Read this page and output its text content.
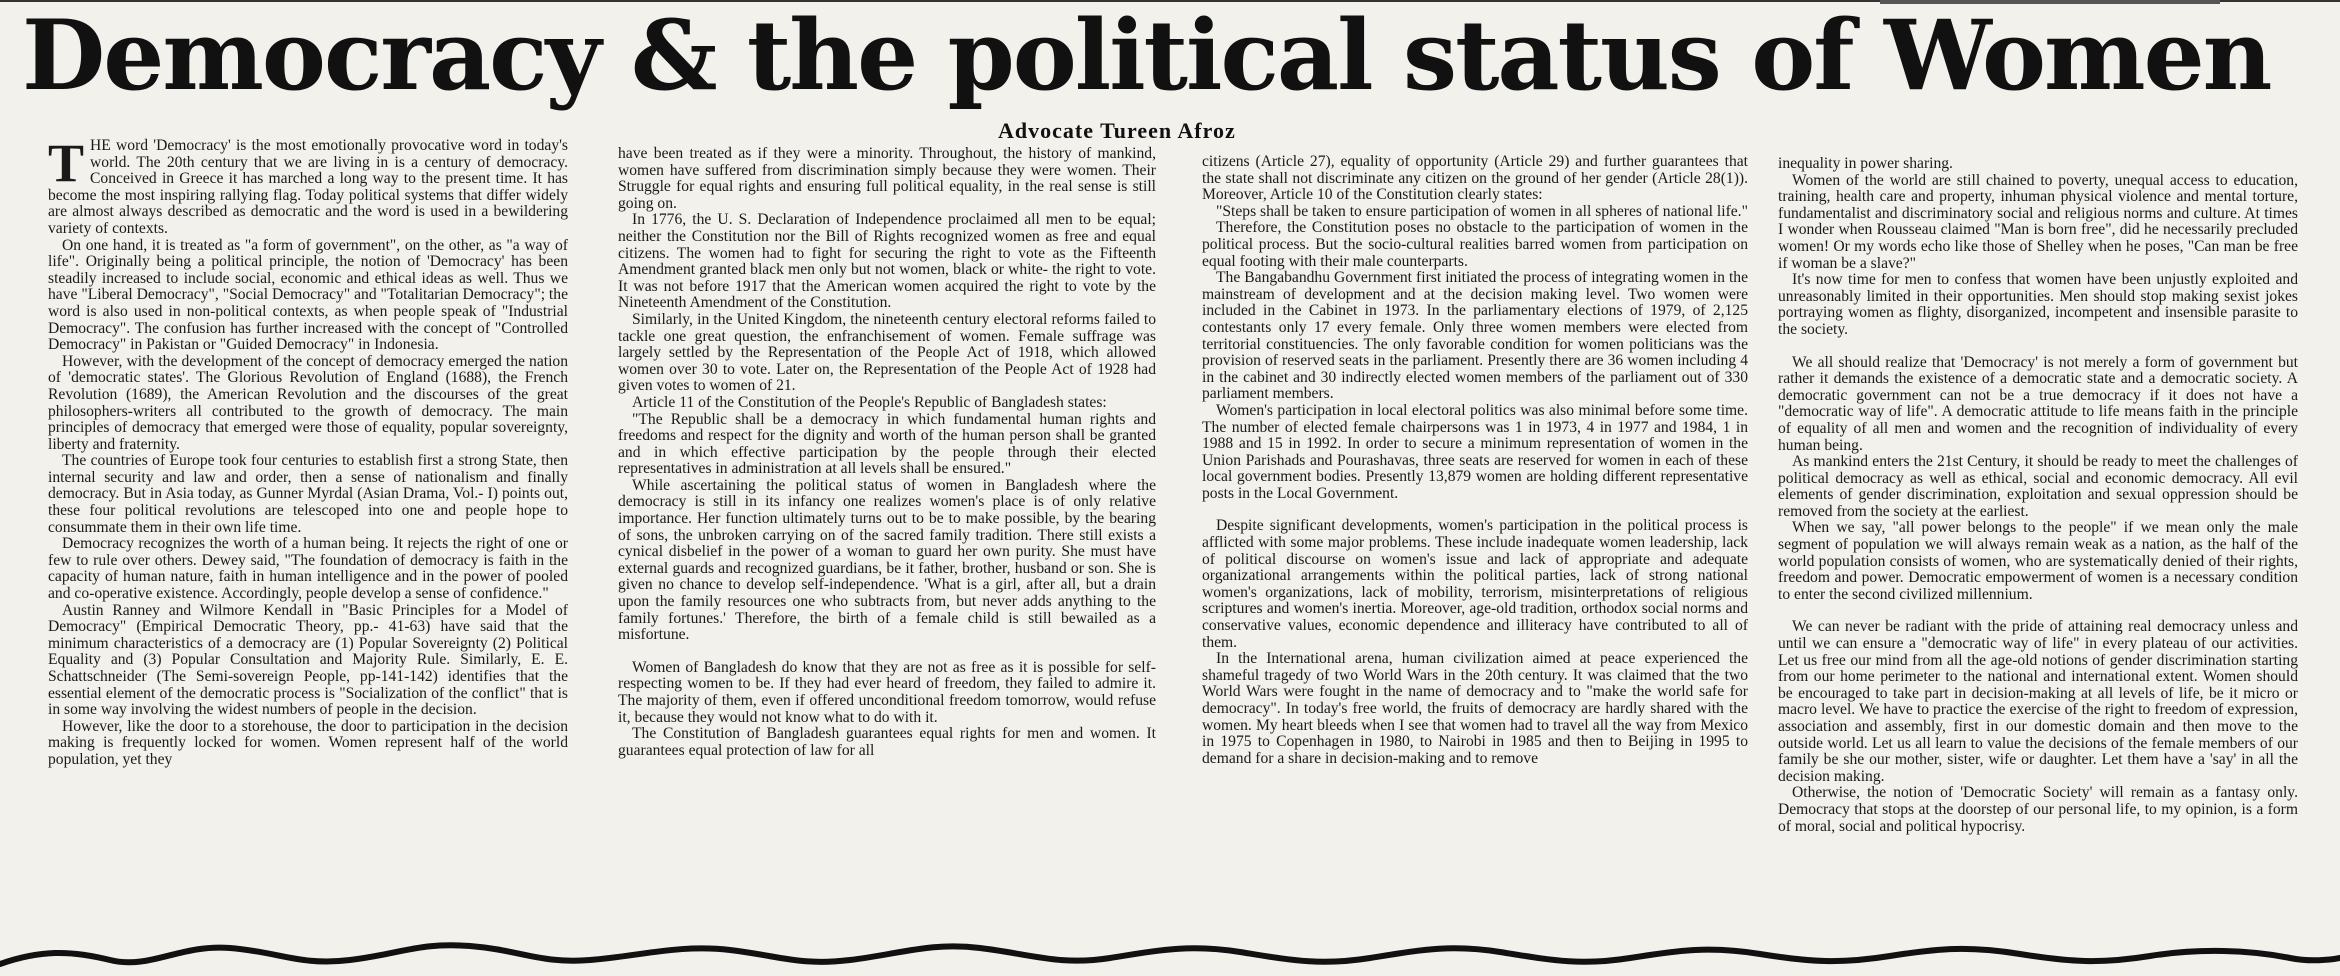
Democracy & the political status of Women
Advocate Tureen Afroz

THE word 'Democracy' is the most emotionally provocative word in today's world. The 20th century that we are living in is a century of democracy. Conceived in Greece it has marched a long way to the present time. It has become the most inspiring rallying flag. Today political systems that differ widely are almost always described as democratic and the word is used in a bewildering variety of contexts.

On one hand, it is treated as "a form of government", on the other, as "a way of life". Originally being a political principle, the notion of 'Democracy' has been steadily increased to include social, economic and ethical ideas as well. Thus we have "Liberal Democracy", "Social Democracy" and "Totalitarian Democracy"; the word is also used in non-political contexts, as when people speak of "Industrial Democracy". The confusion has further increased with the concept of "Controlled Democracy" in Pakistan or "Guided Democracy" in Indonesia.

However, with the development of the concept of democracy emerged the nation of 'democratic states'. The Glorious Revolution of England (1688), the French Revolution (1689), the American Revolution and the discourses of the great philosophers-writers all contributed to the growth of democracy. The main principles of democracy that emerged were those of equality, popular sovereignty, liberty and fraternity.

The countries of Europe took four centuries to establish first a strong State, then internal security and law and order, then a sense of nationalism and finally democracy. But in Asia today, as Gunner Myrdal (Asian Drama, Vol.- I) points out, these four political revolutions are telescoped into one and people hope to consummate them in their own life time.

Democracy recognizes the worth of a human being. It rejects the right of one or few to rule over others. Dewey said, "The foundation of democracy is faith in the capacity of human nature, faith in human intelligence and in the power of pooled and co-operative existence. Accordingly, people develop a sense of confidence."

Austin Ranney and Wilmore Kendall in "Basic Principles for a Model of Democracy" (Empirical Democratic Theory, pp.- 41-63) have said that the minimum characteristics of a democracy are (1) Popular Sovereignty (2) Political Equality and (3) Popular Consultation and Majority Rule. Similarly, E. E. Schattschneider (The Semi-sovereign People, pp-141-142) identifies that the essential element of the democratic process is "Socialization of the conflict" that is in some way involving the widest numbers of people in the decision.

However, like the door to a storehouse, the door to participation in the decision making is frequently locked for women. Women represent half of the world population, yet they

have been treated as if they were a minority. Throughout, the history of mankind, women have suffered from discrimination simply because they were women. Their Struggle for equal rights and ensuring full political equality, in the real sense is still going on.

In 1776, the U. S. Declaration of Independence proclaimed all men to be equal; neither the Constitution nor the Bill of Rights recognized women as free and equal citizens. The women had to fight for securing the right to vote as the Fifteenth Amendment granted black men only but not women, black or white- the right to vote. It was not before 1917 that the American women acquired the right to vote by the Nineteenth Amendment of the Constitution.

Similarly, in the United Kingdom, the nineteenth century electoral reforms failed to tackle one great question, the enfranchisement of women. Female suffrage was largely settled by the Representation of the People Act of 1918, which allowed women over 30 to vote. Later on, the Representation of the People Act of 1928 had given votes to women of 21.

Article 11 of the Constitution of the People's Republic of Bangladesh states:

"The Republic shall be a democracy in which fundamental human rights and freedoms and respect for the dignity and worth of the human person shall be granted and in which effective participation by the people through their elected representatives in administration at all levels shall be ensured."

While ascertaining the political status of women in Bangladesh where the democracy is still in its infancy one realizes women's place is of only relative importance. Her function ultimately turns out to be to make possible, by the bearing of sons, the unbroken carrying on of the sacred family tradition. There still exists a cynical disbelief in the power of a woman to guard her own purity. She must have external guards and recognized guardians, be it father, brother, husband or son. She is given no chance to develop self-independence. 'What is a girl, after all, but a drain upon the family resources one who subtracts from, but never adds anything to the family fortunes.' Therefore, the birth of a female child is still bewailed as a misfortune.

Women of Bangladesh do know that they are not as free as it is possible for self-respecting women to be. If they had ever heard of freedom, they failed to admire it. The majority of them, even if offered unconditional freedom tomorrow, would refuse it, because they would not know what to do with it.

The Constitution of Bangladesh guarantees equal rights for men and women. It guarantees equal protection of law for all

citizens (Article 27), equality of opportunity (Article 29) and further guarantees that the state shall not discriminate any citizen on the ground of her gender (Article 28(1)). Moreover, Article 10 of the Constitution clearly states:

"Steps shall be taken to ensure participation of women in all spheres of national life."

Therefore, the Constitution poses no obstacle to the participation of women in the political process. But the socio-cultural realities barred women from participation on equal footing with their male counterparts.

The Bangabandhu Government first initiated the process of integrating women in the mainstream of development and at the decision making level. Two women were included in the Cabinet in 1973. In the parliamentary elections of 1979, of 2,125 contestants only 17 every female. Only three women members were elected from territorial constituencies. The only favorable condition for women politicians was the provision of reserved seats in the parliament. Presently there are 36 women including 4 in the cabinet and 30 indirectly elected women members of the parliament out of 330 parliament members.

Women's participation in local electoral politics was also minimal before some time. The number of elected female chairpersons was 1 in 1973, 4 in 1977 and 1984, 1 in 1988 and 15 in 1992. In order to secure a minimum representation of women in the Union Parishads and Pourashavas, three seats are reserved for women in each of these local government bodies. Presently 13,879 women are holding different representative posts in the Local Government.

Despite significant developments, women's participation in the political process is afflicted with some major problems. These include inadequate women leadership, lack of political discourse on women's issue and lack of appropriate and adequate organizational arrangements within the political parties, lack of strong national women's organizations, lack of mobility, terrorism, misinterpretations of religious scriptures and women's inertia. Moreover, age-old tradition, orthodox social norms and conservative values, economic dependence and illiteracy have contributed to all of them.

In the International arena, human civilization aimed at peace experienced the shameful tragedy of two World Wars in the 20th century. It was claimed that the two World Wars were fought in the name of democracy and to "make the world safe for democracy". In today's free world, the fruits of democracy are hardly shared with the women. My heart bleeds when I see that women had to travel all the way from Mexico in 1975 to Copenhagen in 1980, to Nairobi in 1985 and then to Beijing in 1995 to demand for a share in decision-making and to remove

inequality in power sharing.

Women of the world are still chained to poverty, unequal access to education, training, health care and property, inhuman physical violence and mental torture, fundamentalist and discriminatory social and religious norms and culture. At times I wonder when Rousseau claimed "Man is born free", did he necessarily precluded women! Or my words echo like those of Shelley when he poses, "Can man be free if woman be a slave?"

It's now time for men to confess that women have been unjustly exploited and unreasonably limited in their opportunities. Men should stop making sexist jokes portraying women as flighty, disorganized, incompetent and insensible parasite to the society.

We all should realize that 'Democracy' is not merely a form of government but rather it demands the existence of a democratic state and a democratic society. A democratic government can not be a true democracy if it does not have a "democratic way of life". A democratic attitude to life means faith in the principle of equality of all men and women and the recognition of individuality of every human being.

As mankind enters the 21st Century, it should be ready to meet the challenges of political democracy as well as ethical, social and economic democracy. All evil elements of gender discrimination, exploitation and sexual oppression should be removed from the society at the earliest.

When we say, "all power belongs to the people" if we mean only the male segment of population we will always remain weak as a nation, as the half of the world population consists of women, who are systematically denied of their rights, freedom and power. Democratic empowerment of women is a necessary condition to enter the second civilized millennium.

We can never be radiant with the pride of attaining real democracy unless and until we can ensure a "democratic way of life" in every plateau of our activities. Let us free our mind from all the age-old notions of gender discrimination starting from our home perimeter to the national and international extent. Women should be encouraged to take part in decision-making at all levels of life, be it micro or macro level. We have to practice the exercise of the right to freedom of expression, association and assembly, first in our domestic domain and then move to the outside world. Let us all learn to value the decisions of the female members of our family be she our mother, sister, wife or daughter. Let them have a 'say' in all the decision making.

Otherwise, the notion of 'Democratic Society' will remain as a fantasy only. Democracy that stops at the doorstep of our personal life, to my opinion, is a form of moral, social and political hypocrisy.
